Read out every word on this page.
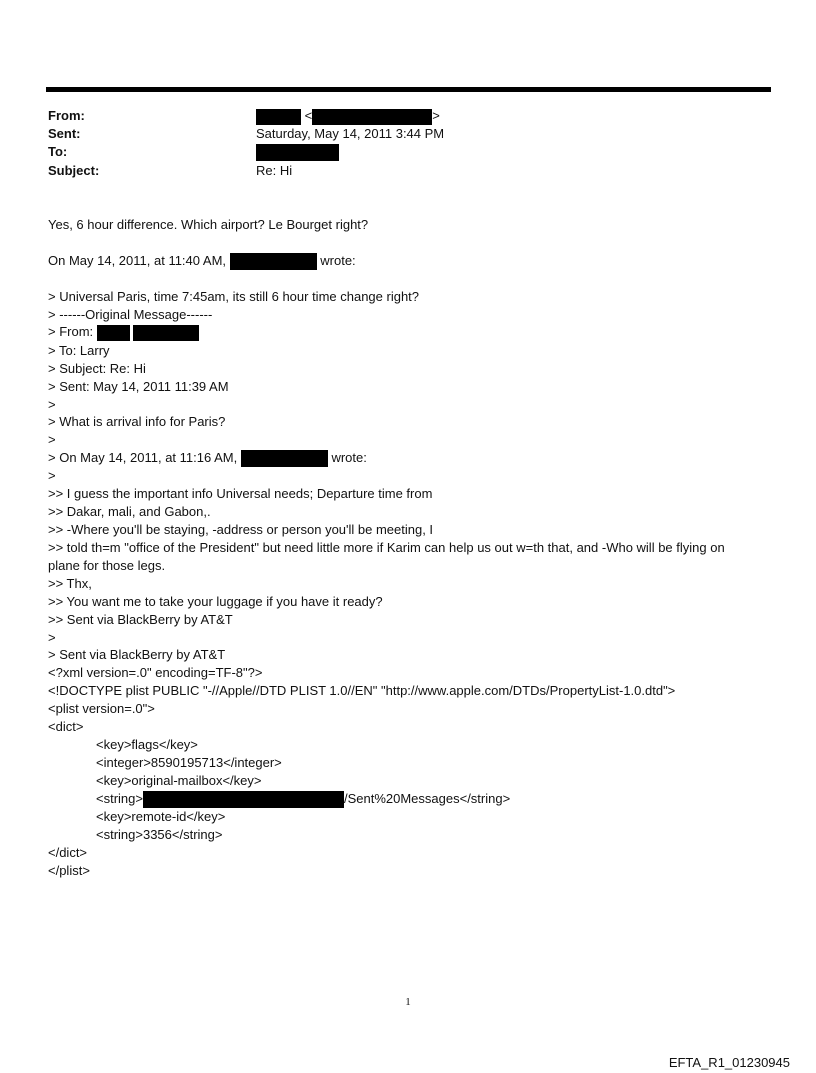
From:	<	>
Sent:	Saturday, May 14, 2011 3:44 PM
To:
Subject:	Re: Hi
Yes, 6 hour difference. Which airport? Le Bourget right?
On May 14, 2011, at 11:40 AM,	wrote:
> Universal Paris, time 7:45am, its still 6 hour time change right?
> ------Original Message------
> From:
> To: Larry
> Subject: Re: Hi
> Sent: May 14, 2011 11:39 AM
>
> What is arrival info for Paris?
>
> On May 14, 2011, at 11:16 AM,	wrote:
>
>> I guess the important info Universal needs; Departure time from
>> Dakar, mali, and Gabon,.
>> -Where you'll be staying, -address or person you'll be meeting, I
>> told th=m "office of the President" but need little more if Karim can help us out w=th that, and -Who will be flying on
plane for those legs.
>> Thx,
>> You want me to take your luggage if you have it ready?
>> Sent via BlackBerry by AT&T
>
> Sent via BlackBerry by AT&T
<?xml version=.0" encoding=TF-8"?>
<!DOCTYPE plist PUBLIC "-//Apple//DTD PLIST 1.0//EN" "http://www.apple.com/DTDs/PropertyList-1.0.dtd">
<plist version=.0">
<dict>
<key>flags</key>
<integer>8590195713</integer>
<key>original-mailbox</key>
<string>	/Sent%20Messages</string>
<key>remote-id</key>
<string>3356</string>
</dict>
</plist>
1
EFTA_R1_01230945
